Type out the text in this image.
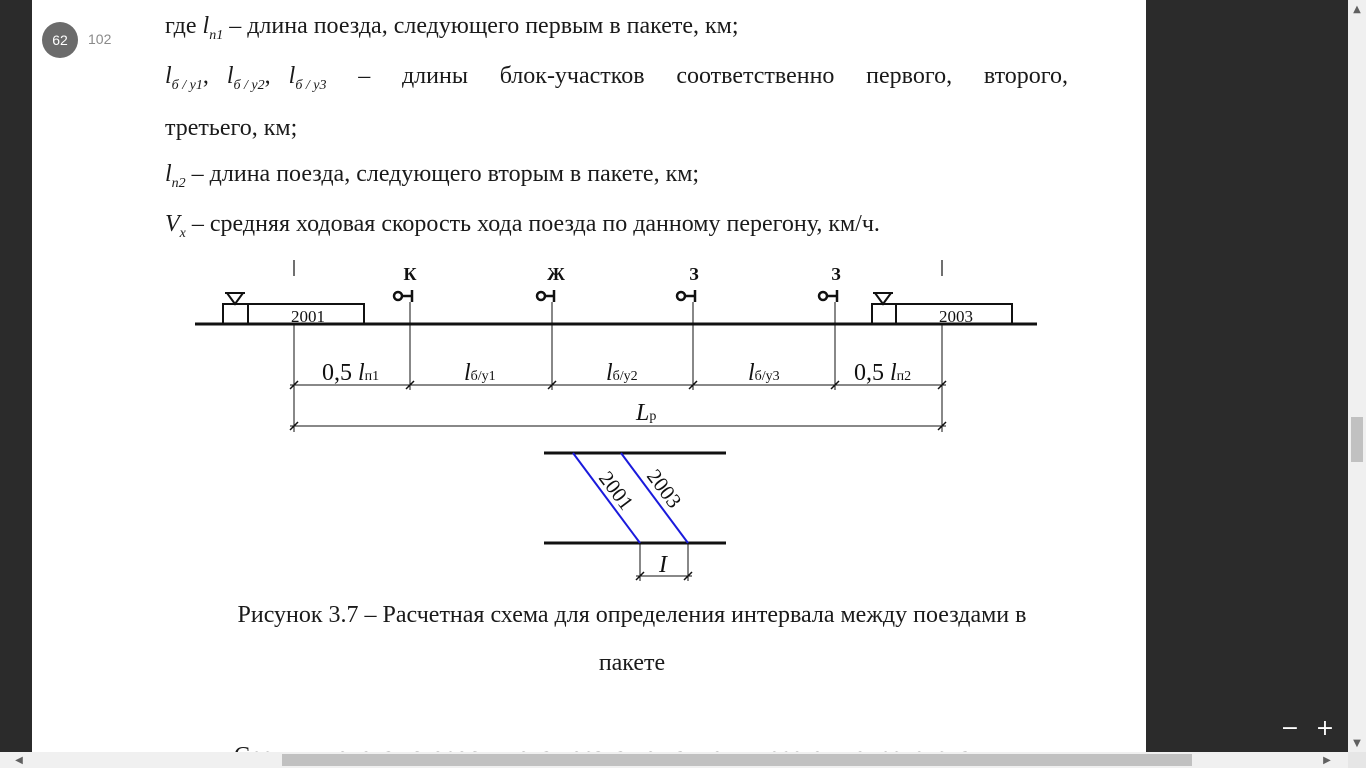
где $l_{п1}$ – длина поезда, следующего первым в пакете, км;
$l_{б / у1}$,   $l_{б / у2}$,   $l_{б / у3}$ – длины блок-участков соответственно первого, второго,
третьего, км;
$l_{п2}$ – длина поезда, следующего вторым в пакете, км;
$V_x$ – средняя ходовая скорость хода поезда по данному перегону, км/ч.
2001	2003
К	Ж	З	З
0,5 lп1	lб/у1	lб/у2	lб/у3	0,5 lп2
Lр
2001 2003
I
Рисунок 3.7 – Расчетная схема для определения интервала между поездами в
пакете
62	102
− +
▲
▼
◀	▶
